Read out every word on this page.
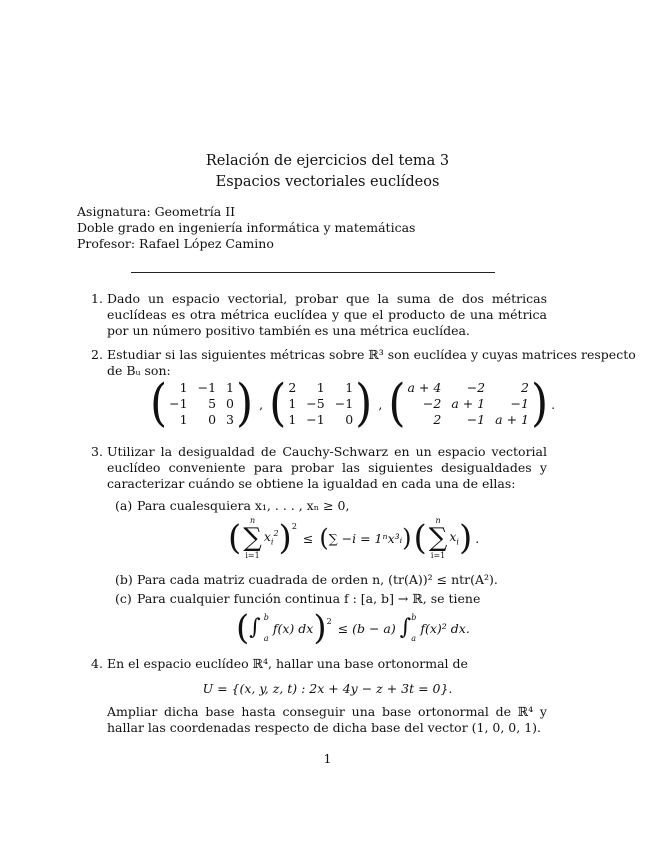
Relación de ejercicios del tema 3
Espacios vectoriales euclídeos
Asignatura: Geometría II
Doble grado en ingeniería informática y matemáticas
Profesor: Rafael López Camino
1. Dado un espacio vectorial, probar que la suma de dos métricas euclídeas es otra métrica euclídea y que el producto de una métrica por un número positivo también es una métrica euclídea.
2. Estudiar si las siguientes métricas sobre ℝ³ son euclídea y cuyas matrices respecto
de Bᵤ son:
( 1 −1 1
−1	5 0
1	0 3 ) , ( 2	1	1
1 −5 −1
1 −1	0 ) , ( a + 4	−2	2
−2 a + 1	−1
2	−1 a + 1 ) .
3. Utilizar la desigualdad de Cauchy-Schwarz en un espacio vectorial euclídeo conveniente para probar las siguientes desigualdades y caracterizar cuándo se obtiene la igualdad en cada una de ellas:
(a) Para cualesquiera x₁, . . . , xₙ ≥ 0,
( n
∑
i=1
$x_i^2$ ) 2
≤ ( ∑ −i = 1ⁿx³ᵢ ) ( n
∑
i=1
$x_i$ ) .
(b) Para cada matriz cuadrada de orden n, (tr(A))² ≤ ntr(A²).
(c) Para cualquier función continua f : [a, b] → ℝ, se tiene
( ∫ b
a
f(x) dx ) 2 ≤ (b − a) ∫ b
a
f(x)² dx.
4. En el espacio euclídeo ℝ⁴, hallar una base ortonormal de
U = {(x, y, z, t) : 2x + 4y − z + 3t = 0}.
Ampliar dicha base hasta conseguir una base ortonormal de ℝ⁴ y hallar las coordenadas respecto de dicha base del vector (1, 0, 0, 1).
1
